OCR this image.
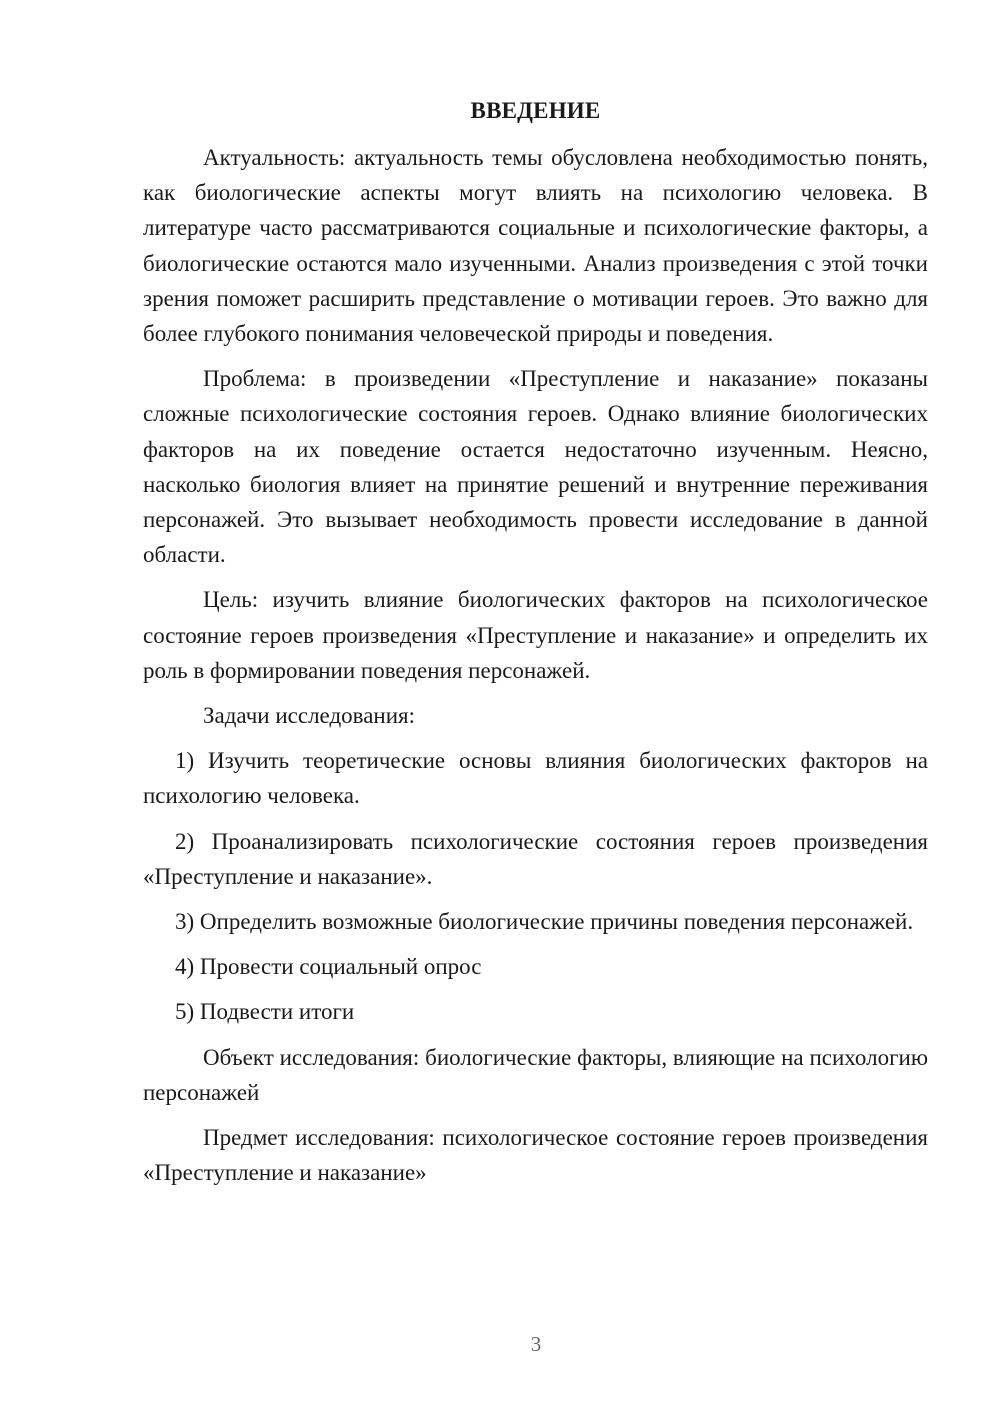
ВВЕДЕНИЕ

Актуальность: актуальность темы обусловлена необходимостью понять, как биологические аспекты могут влиять на психологию человека. В литературе часто рассматриваются социальные и психологические факторы, а биологические остаются мало изученными. Анализ произведения с этой точки зрения поможет расширить представление о мотивации героев. Это важно для более глубокого понимания человеческой природы и поведения.

Проблема: в произведении «Преступление и наказание» показаны сложные психологические состояния героев. Однако влияние биологических факторов на их поведение остается недостаточно изученным. Неясно, насколько биология влияет на принятие решений и внутренние переживания персонажей. Это вызывает необходимость провести исследование в данной области.

Цель: изучить влияние биологических факторов на психологическое состояние героев произведения «Преступление и наказание» и определить их роль в формировании поведения персонажей.

Задачи исследования:

1) Изучить теоретические основы влияния биологических факторов на психологию человека.

2) Проанализировать психологические состояния героев произведения «Преступление и наказание».

3) Определить возможные биологические причины поведения персонажей.

4) Провести социальный опрос

5) Подвести итоги

Объект исследования: биологические факторы, влияющие на психологию персонажей

Предмет исследования: психологическое состояние героев произведения «Преступление и наказание»

3
